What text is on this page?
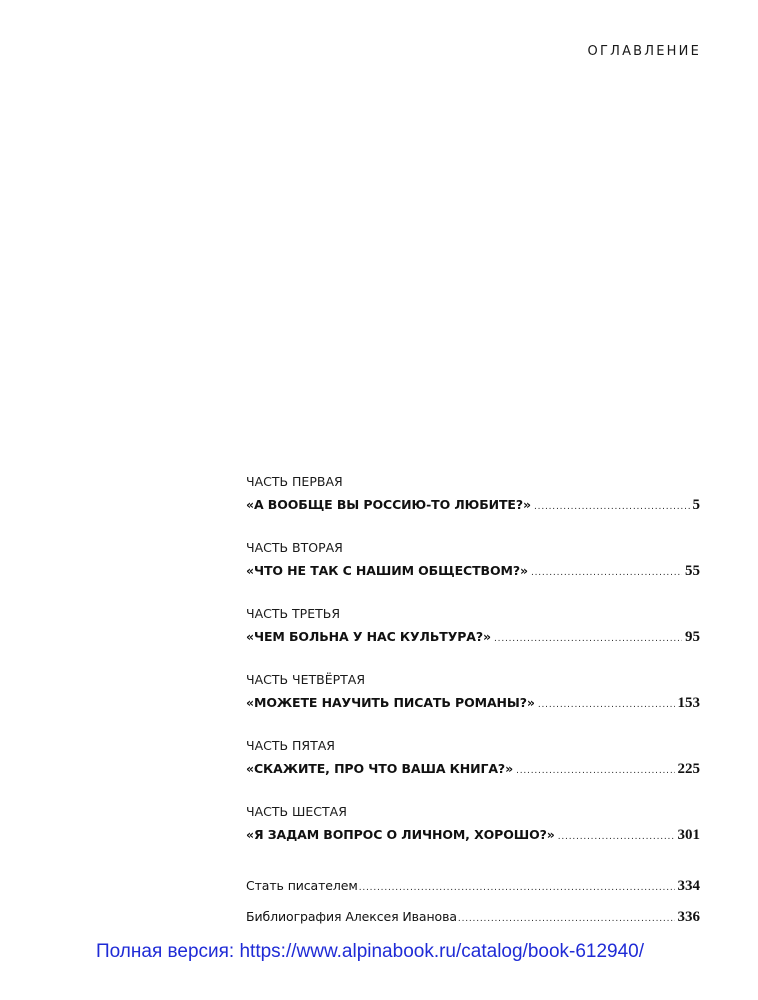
ОГЛАВЛЕНИЕ
ЧАСТЬ ПЕРВАЯ
«А ВООБЩЕ ВЫ РОССИЮ-ТО ЛЮБИТЕ?» .....	5
ЧАСТЬ ВТОРАЯ
«ЧТО НЕ ТАК С НАШИМ ОБЩЕСТВОМ?» .....	55
ЧАСТЬ ТРЕТЬЯ
«ЧЕМ БОЛЬНА У НАС КУЛЬТУРА?» .....	95
ЧАСТЬ ЧЕТВЁРТАЯ
«МОЖЕТЕ НАУЧИТЬ ПИСАТЬ РОМАНЫ?» .....	153
ЧАСТЬ ПЯТАЯ
«СКАЖИТЕ, ПРО ЧТО ВАША КНИГА?» .....	225
ЧАСТЬ ШЕСТАЯ
«Я ЗАДАМ ВОПРОС О ЛИЧНОМ, ХОРОШО?» .....	301
Стать писателем .....	334
Библиография Алексея Иванова .....	336
Полная версия: https://www.alpinabook.ru/catalog/book-612940/
